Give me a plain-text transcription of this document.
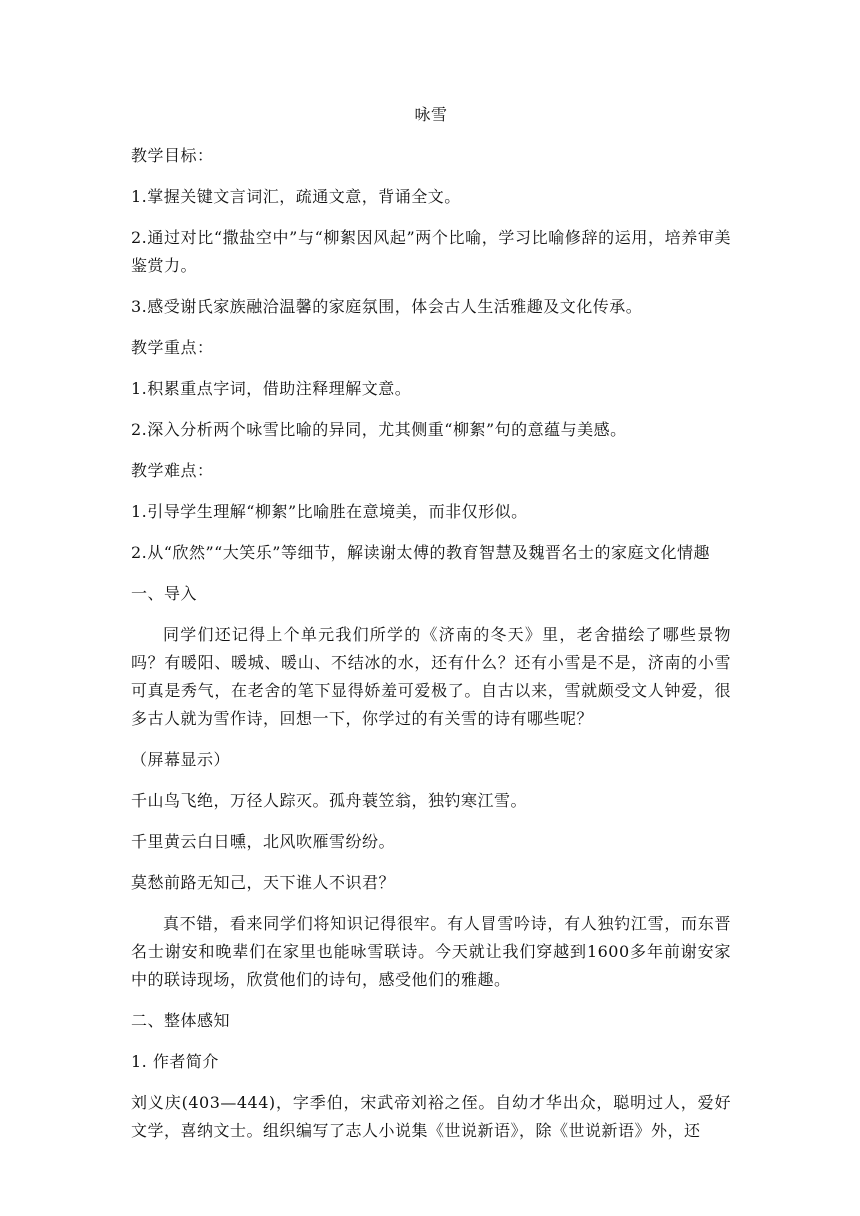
咏雪

教学目标：

1.掌握关键文言词汇，疏通文意，背诵全文。

2.通过对比“撒盐空中”与“柳絮因风起”两个比喻，学习比喻修辞的运用，培养审美鉴赏力。

3.感受谢氏家族融洽温馨的家庭氛围，体会古人生活雅趣及文化传承。

教学重点：

1.积累重点字词，借助注释理解文意。

2.深入分析两个咏雪比喻的异同，尤其侧重“柳絮”句的意蕴与美感。

教学难点：

1.引导学生理解“柳絮”比喻胜在意境美，而非仅形似。

2.从“欣然”“大笑乐”等细节，解读谢太傅的教育智慧及魏晋名士的家庭文化情趣

一、导入

同学们还记得上个单元我们所学的《济南的冬天》里，老舍描绘了哪些景物吗？有暖阳、暖城、暖山、不结冰的水，还有什么？还有小雪是不是，济南的小雪可真是秀气，在老舍的笔下显得娇羞可爱极了。自古以来，雪就颇受文人钟爱，很多古人就为雪作诗，回想一下，你学过的有关雪的诗有哪些呢？

（屏幕显示）

千山鸟飞绝，万径人踪灭。孤舟蓑笠翁，独钓寒江雪。

千里黄云白日曛，北风吹雁雪纷纷。

莫愁前路无知己，天下谁人不识君？

真不错，看来同学们将知识记得很牢。有人冒雪吟诗，有人独钓江雪，而东晋名士谢安和晚辈们在家里也能咏雪联诗。今天就让我们穿越到1600多年前谢安家中的联诗现场，欣赏他们的诗句，感受他们的雅趣。

二、整体感知

1. 作者简介

刘义庆(403—444)，字季伯，宋武帝刘裕之侄。自幼才华出众，聪明过人，爱好文学，喜纳文士。组织编写了志人小说集《世说新语》，除《世说新语》外，还
